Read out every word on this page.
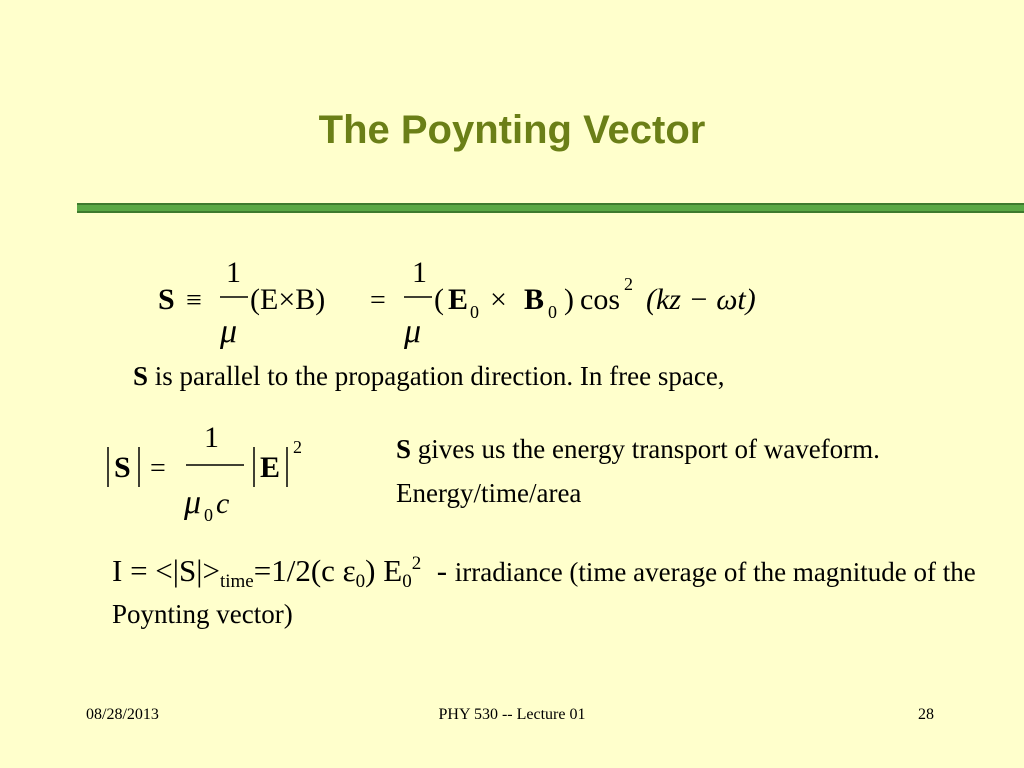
The Poynting Vector
S ≡
1
μ
(E×B) =
1
μ
( E 0 × B 0 ) cos 2 (kz − ωt)
S is parallel to the propagation direction. In free space,
S =
1
μ 0 c
E
2	S gives us the energy transport of waveform. Energy/time/area
$I = <|S|>_{time}=1/2(c$ $\varepsilon_0$) $E_0^2$  - irradiance (time average of the magnitude of the Poynting vector)
08/28/2013	PHY 530 -- Lecture 01	28
